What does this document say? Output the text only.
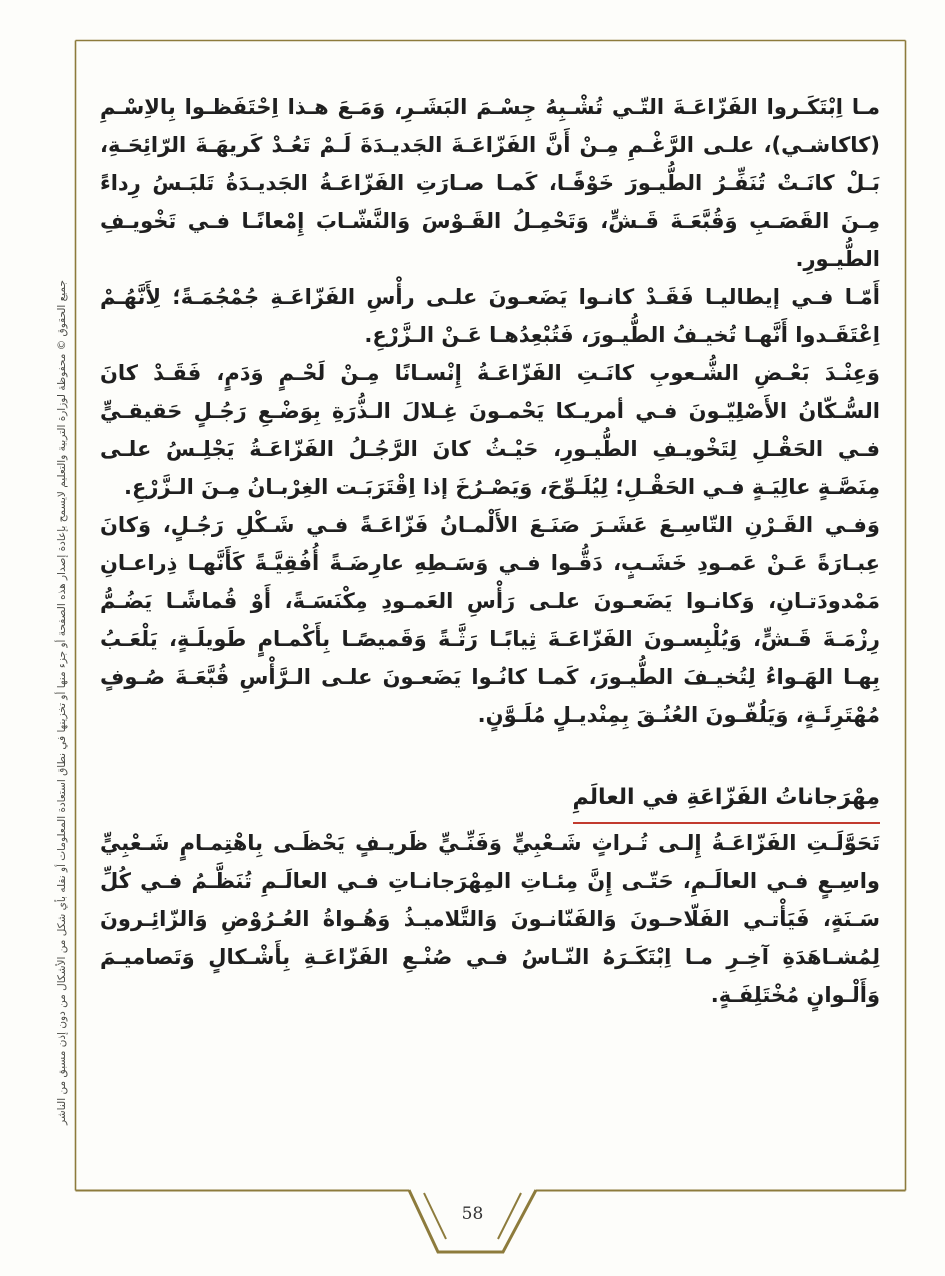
جميع الحقوق © محفوظة لوزارة التربية والتعليم لايسمح بإعادة إصدار هذه الصفحة أو جزء منها أو تخزينها في نطاق استعادة المعلومات أو نقله بأي شكل من الأشكال من دون إذن مسبق من الناشر

مـا اِبْتَكَـروا الفَزّاعَـةَ التّـي تُشْـبِهُ جِسْـمَ البَشَـرِ، وَمَـعَ هـذا اِحْتَفَظـوا بِالاِسْـمِ (كاكاشـي)، علـى الرَّغْـمِ مِـنْ أَنَّ الفَزّاعَـةَ الجَديـدَةَ لَـمْ تَعُـدْ كَريهَـةَ الرّائِحَـةِ، بَـلْ كانَـتْ تُنَفِّـرُ الطُّيـورَ خَوْفًـا، كَمـا صـارَتِ الفَزّاعَـةُ الجَديـدَةُ تَلبَـسُ رِداءً مِـنَ القَصَـبِ وَقُبَّعَـةَ قَـشٍّ، وَتَحْمِـلُ القَـوْسَ وَالنَّشّـابَ إِمْعانًـا فـي تَخْويـفِ الطُّيـورِ.

أَمّـا فـي إيطاليـا فَقَـدْ كانـوا يَضَعـونَ علـى رأْسِ الفَزّاعَـةِ جُمْجُمَـةً؛ لِأَنَّهُـمْ اِعْتَقَـدوا أَنَّهـا تُخيـفُ الطُّيـورَ، فَتُبْعِدُهـا عَـنْ الـزَّرْعِ.

وَعِنْـدَ بَعْـضِ الشُّـعوبِ كانَـتِ الفَزّاعَـةُ إِنْسـانًا مِـنْ لَحْـمٍ وَدَمٍ، فَقَـدْ كانَ السُّـكّانُ الأَصْلِيّـونَ فـي أمريـكا يَحْمـونَ غِـلالَ الـذُّرَةِ بِوَضْـعِ رَجُـلٍ حَقيقـيٍّ فـي الحَقْـلِ لِتَخْويـفِ الطُّيـورِ، حَيْـثُ كانَ الرَّجُـلُ الفَزّاعَـةُ يَجْلِـسُ علـى مِنَصَّـةٍ عالِيَـةٍ فـي الحَقْـلِ؛ لِيُلَـوِّحَ، وَيَصْـرُخَ إذا اِقْتَرَبَـت الغِرْبـانُ مِـنَ الـزَّرْعِ.

وَفـي القَـرْنِ التّاسِـعَ عَشَـرَ صَنَـعَ الأَلْمـانُ فَزّاعَـةً فـي شَـكْلِ رَجُـلٍ، وَكانَ عِبـارَةً عَـنْ عَمـودِ خَشَـبٍ، دَقُّـوا فـي وَسَـطِهِ عارِضَـةً أُفُقِيَّـةً كَأَنَّهـا ذِراعـانِ مَمْدودَتـانِ، وَكانـوا يَضَعـونَ علـى رَأْسِ العَمـودِ مِكْنَسَـةً، أَوْ قُماشًـا يَضُـمُّ رِزْمَـةَ قَـشٍّ، وَيُلْبِسـونَ الفَزّاعَـةَ ثِيابًـا رَثَّـةً وَقَميصًـا بِأَكْمـامٍ طَويلَـةٍ، يَلْعَـبُ بِهـا الهَـواءُ لِتُخيـفَ الطُّيـورَ، كَمـا كانُـوا يَضَعـونَ علـى الـرَّأْسِ قُبَّعَـةَ صُـوفٍ مُهْتَرِئَـةٍ، وَيَلُفّـونَ العُنُـقَ بِمِنْديـلٍ مُلَـوَّنٍ.

مِهْرَجاناتُ الفَزّاعَةِ في العالَمِ

تَحَوَّلَـتِ الفَزّاعَـةُ إِلـى تُـراثٍ شَـعْبِيٍّ وَفَنِّـيٍّ ظَريـفٍ يَحْظَـى بِاهْتِمـامٍ شَـعْبِيٍّ واسِـعٍ فـي العالَـمِ، حَتّـى إِنَّ مِئـاتِ المِهْرَجانـاتِ فـي العالَـمِ تُنَظَّـمُ فـي كُلِّ سَـنَةٍ، فَيَأْتـي الفَلّاحـونَ وَالفَنّانـونَ وَالتَّلاميـذُ وَهُـواةُ العُـرُوْضِ وَالزّائِـرونَ لِمُشـاهَدَةِ آخِـرِ مـا اِبْتَكَـرَهُ النّـاسُ فـي صُنْـعِ الفَزّاعَـةِ بِأَشْـكالٍ وَتَصاميـمَ وَأَلْـوانٍ مُخْتَلِفَـةٍ.

58
